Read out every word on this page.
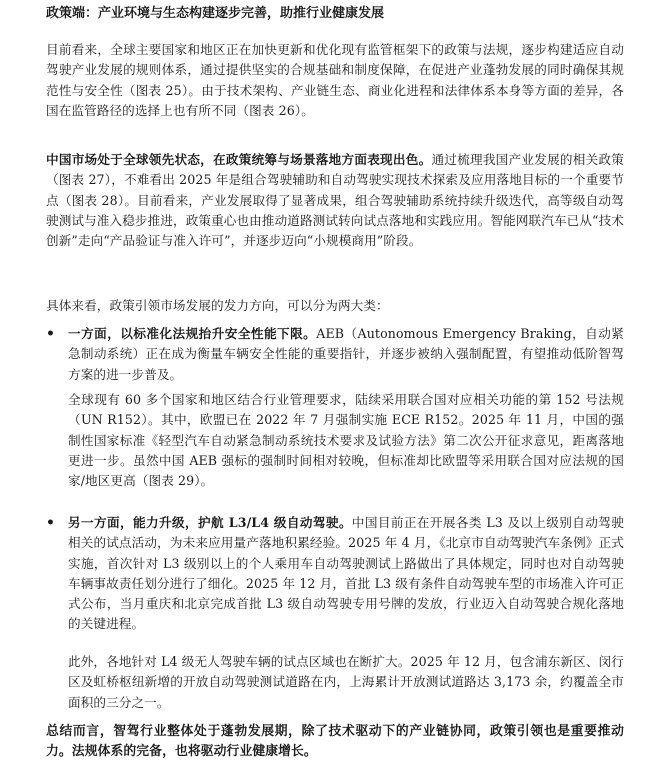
政策端：产业环境与生态构建逐步完善，助推行业健康发展
目前看来，全球主要国家和地区正在加快更新和优化现有监管框架下的政策与法规，逐步构建适应自动驾驶产业发展的规则体系，通过提供坚实的合规基础和制度保障，在促进产业蓬勃发展的同时确保其规范性与安全性（图表 25）。由于技术架构、产业链生态、商业化进程和法律体系本身等方面的差异，各国在监管路径的选择上也有所不同（图表 26）。
中国市场处于全球领先状态，在政策统筹与场景落地方面表现出色。通过梳理我国产业发展的相关政策（图表 27），不难看出 2025 年是组合驾驶辅助和自动驾驶实现技术探索及应用落地目标的一个重要节点（图表 28）。目前看来，产业发展取得了显著成果，组合驾驶辅助系统持续升级迭代，高等级自动驾驶测试与准入稳步推进，政策重心也由推动道路测试转向试点落地和实践应用。智能网联汽车已从“技术创新”走向“产品验证与准入许可”，并逐步迈向“小规模商用”阶段。
具体来看，政策引领市场发展的发力方向，可以分为两大类：
• 一方面，以标准化法规抬升安全性能下限。AEB（Autonomous Emergency Braking，自动紧急制动系统）正在成为衡量车辆安全性能的重要指针，并逐步被纳入强制配置，有望推动低阶智驾方案的进一步普及。
全球现有 60 多个国家和地区结合行业管理要求，陆续采用联合国对应相关功能的第 152 号法规（UN R152）。其中，欧盟已在 2022 年 7 月强制实施 ECE R152。2025 年 11 月，中国的强制性国家标准《轻型汽车自动紧急制动系统技术要求及试验方法》第二次公开征求意见，距离落地更进一步。虽然中国 AEB 强标的强制时间相对较晚，但标准却比欧盟等采用联合国对应法规的国家/地区更高（图表 29）。
• 另一方面，能力升级，护航 L3/L4 级自动驾驶。中国目前正在开展各类 L3 及以上级别自动驾驶相关的试点活动，为未来应用量产落地积累经验。2025 年 4 月，《北京市自动驾驶汽车条例》正式实施，首次针对 L3 级别以上的个人乘用车自动驾驶测试上路做出了具体规定，同时也对自动驾驶车辆事故责任划分进行了细化。2025 年 12 月，首批 L3 级有条件自动驾驶车型的市场准入许可正式公布，当月重庆和北京完成首批 L3 级自动驾驶专用号牌的发放，行业迈入自动驾驶合规化落地的关键进程。
此外，各地针对 L4 级无人驾驶车辆的试点区域也在断扩大。2025 年 12 月，包含浦东新区、闵行区及虹桥枢纽新增的开放自动驾驶测试道路在内，上海累计开放测试道路达 3,173 余，约覆盖全市面积的三分之一。
总结而言，智驾行业整体处于蓬勃发展期，除了技术驱动下的产业链协同，政策引领也是重要推动力。法规体系的完备，也将驱动行业健康增长。
